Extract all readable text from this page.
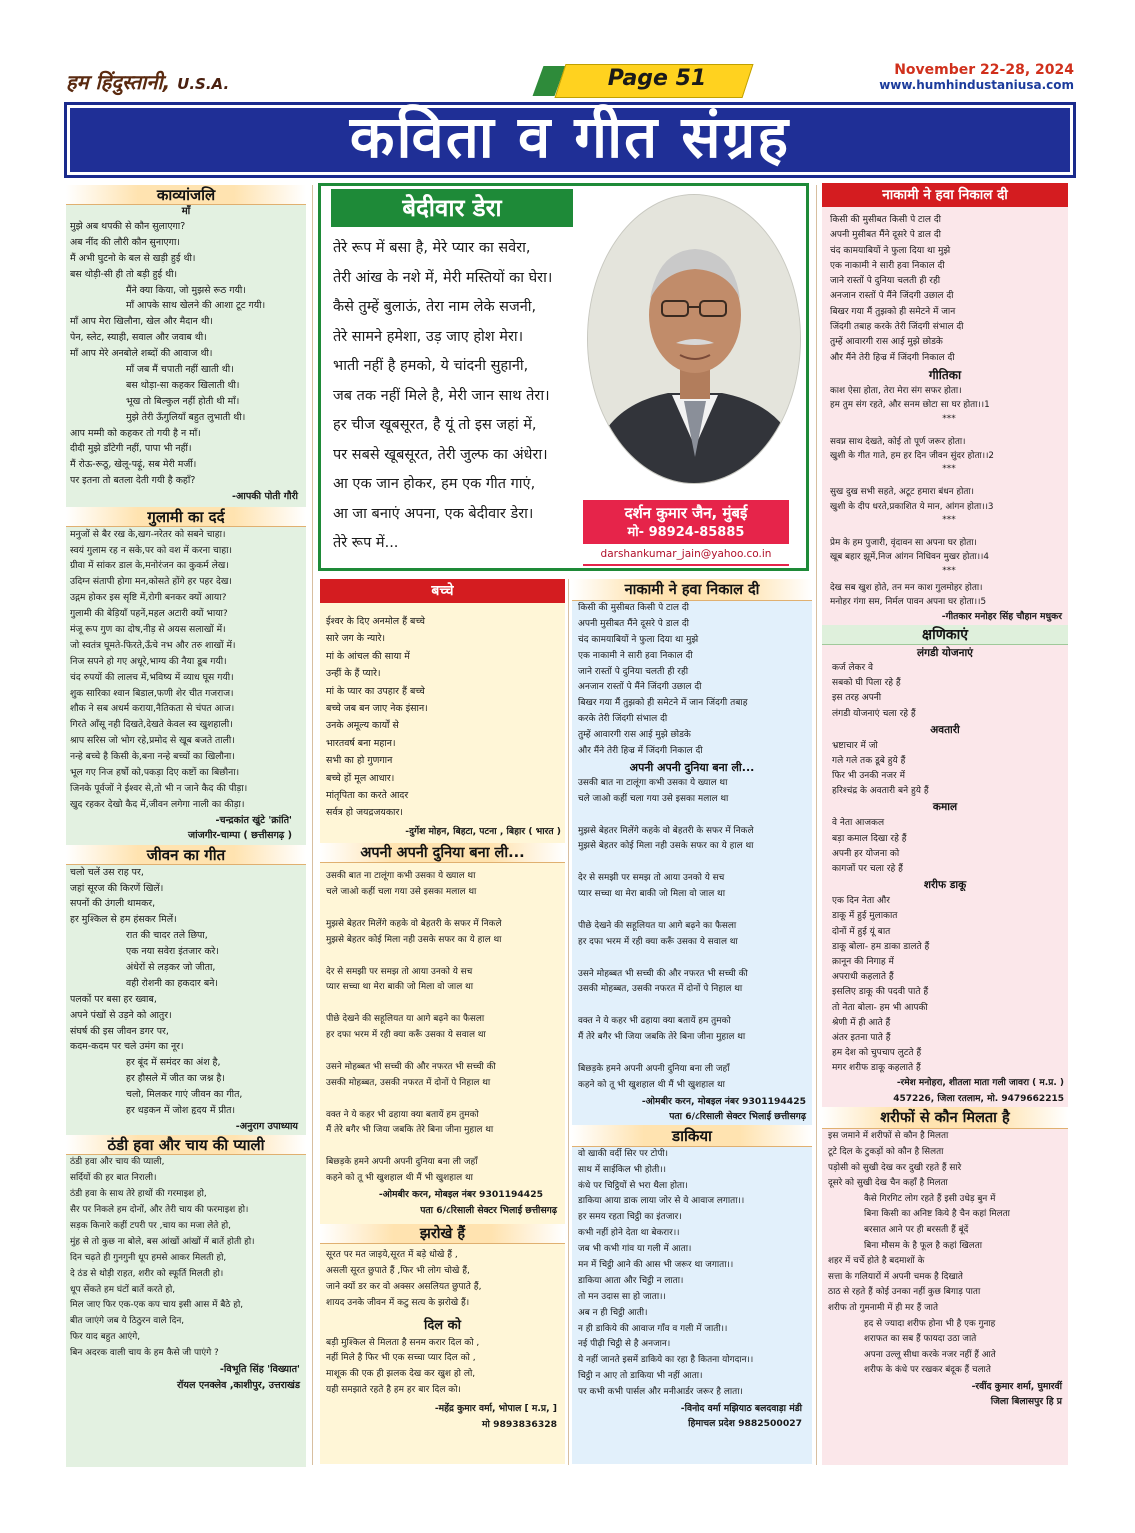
हम हिंदुस्तानी, U.S.A.	Page 51	November 22-28, 2024
www.humhindustaniusa.com
कविता व गीत संग्रह
काव्यांजलि
माँ
मुझे अब थपकी से कौन सुलाएगा?
अब नींद की लौरी कौन सुनाएगा।
मैं अभी घुटनो के बल से खड़ी हुई थी।
बस थोड़ी-सी ही तो बड़ी हुई थी।
मैंने क्या किया, जो मुझसे रूठ गयी।
माँ आपके साथ खेलने की आशा टूट गयी।
माँ आप मेरा खिलौना, खेल और मैदान थी।
पेन, स्लेट, स्याही, सवाल और जवाब थी।
माँ आप मेरे अनबोले शब्दों की आवाज थी।
माँ जब मैं चपाती नहीं खाती थी।
बस थोड़ा-सा कहकर खिलाती थी।
भूख तो बिल्कुल नहीं होती थी माँ।
मुझे तेरी ऊँगुलियाँ बहुत लुभाती थी।
आप मम्मी को कहकर तो गयी है न माँ।
दीदी मुझे डाँटेगी नहीं, पापा भी नहीं।
मैं रोऊ-रूठू, खेलू-पढ़ूं, सब मेरी मर्जी।
पर इतना तो बतला देती गयी है कहाँ?
-आपकी पोती गौरी
गुलामी का दर्द
मनुजों से बैर रख के,खग-नरेतर को सबने चाहा।
स्वयं गुलाम रह न सके,पर को वश में करना चाहा।
ग्रीवा में सांकर डाल के,मनोरंजन का कुकर्म लेख।
उदिग्न संतापी होगा मन,कोसते होंगे हर पहर देख।
उद्गम होकर इस सृष्टि में,रोगी बनकर क्यों आया?
गुलामी की बेड़ियाँ पहनें,महल अटारी क्यों भाया?
मंजू रूप गुण का दोष,नीड़ से अयस सलाखों में।
जो स्वतंत्र घूमते-फिरते,ऊँचे नभ और तरु शाखों में।
निज सपने हो गए अधूरे,भाग्य की नैया डूब गयी।
चंद रुपयों की लालच में,भविष्य में व्याध घूस गयी।
शुक सारिका श्वान बिडाल,फणी शेर चीत गजराज।
शौक ने सब अधर्म कराया,नैतिकता से चंपत आज।
गिरते आँसू नही दिखते,देखते केवल स्व खुशहाली।
श्राप सरिस जो भोग रहे,प्रमोद से खूब बजते ताली।
नन्हे बच्चे है किसी के,बना नन्हे बच्चों का खिलौना।
भूल गए निज हर्षो को,पकड़ा दिए कष्टों का बिछौना।
जिनके पूर्वजों ने ईश्वर से,तो भी न जाने कैद की पीड़ा।
खुद रहकर देखो कैद में,जीवन लगेगा नाली का कीड़ा।
-चन्द्रकांत खुंटे 'क्रांति'
जांजगीर-चाम्पा ( छत्तीसगढ़ )
जीवन का गीत
चलो चलें उस राह पर,
जहां सूरज की किरणें खिलें।
सपनों की उंगली थामकर,
हर मुश्किल से हम हंसकर मिलें।
रात की चादर तले छिपा,
एक नया सवेरा इंतजार करे।
अंधेरों से लड़कर जो जीता,
वही रोशनी का हकदार बने।
पलकों पर बसा हर ख्वाब,
अपने पंखों से उड़ने को आतुर।
संघर्ष की इस जीवन डगर पर,
कदम-कदम पर चले उमंग का नूर।
हर बूंद में समंदर का अंश है,
हर हौसले में जीत का जश्न है।
चलो, मिलकर गाएं जीवन का गीत,
हर धड़कन में जोश हृदय में प्रीत।
-अनुराग उपाध्याय
ठंडी हवा और चाय की प्याली
ठंडी हवा और चाय की प्याली,
सर्दियों की हर बात निराली।
ठंडी हवा के साथ तेरे हाथों की गरमाइश हो,
सैर पर निकले हम दोनों, और तेरी चाय की फरमाइश हो।
सड़क किनारे कहीं टपरी पर ,चाय का मजा लेते हो,
मुंह से तो कुछ ना बोले, बस आंखों आंखों में बातें होती हो।
दिन चढ़ते ही गुनगुनी धूप हमसे आकर मिलती हो,
दे ठंड से थोड़ी राहत, शरीर को स्फूर्ति मिलती हो।
धूप सेंकते हम घंटों बातें करते हो,
मिल जाए फिर एक-एक कप चाय इसी आस में बैठे हो,
बीत जाएंगे जब ये ठिठुरन वाले दिन,
फिर याद बहुत आएंगे,
बिन अदरक वाली चाय के हम कैसे जी पाएंगे ?
-विभूति सिंह 'विख्यात'
रॉयल एनक्लेव ,काशीपुर, उत्तराखंड
बेदीवार डेरा
तेरे रूप में बसा है, मेरे प्यार का सवेरा,
तेरी आंख के नशे में, मेरी मस्तियों का घेरा।
कैसे तुम्हें बुलाऊं, तेरा नाम लेके सजनी,
तेरे सामने हमेशा, उड़ जाए होश मेरा।
भाती नहीं है हमको, ये चांदनी सुहानी,
जब तक नहीं मिले है, मेरी जान साथ तेरा।
हर चीज खूबसूरत, है यूं तो इस जहां में,
पर सबसे खूबसूरत, तेरी जुल्फ का अंधेरा।
आ एक जान होकर, हम एक गीत गाएं,
आ जा बनाएं अपना, एक बेदीवार डेरा।
तेरे रूप में...
दर्शन कुमार जैन, मुंबई
मो- 98924-85885
darshankumar_jain@yahoo.co.in
बच्चे
ईश्वर के दिए अनमोल हैं बच्चे
सारे जग के न्यारे।
मां के आंचल की साया में
उन्हीं के हैं प्यारे।
मां के प्यार का उपहार हैं बच्चे
बच्चे जब बन जाए नेक इंसान।
उनके अमूल्य कार्यों से
भारतवर्ष बना महान।
सभी का हो गुणगान
बच्चे हों मूल आधार।
मांतृपिता का करते आदर
सर्वत्र हो जयद्रजयकार।
-दुर्गेश मोहन, बिहटा, पटना , बिहार ( भारत )
अपनी अपनी दुनिया बना ली...
उसकी बात ना टालूंगा कभी उसका ये ख्याल था
चले जाओ कहीं चला गया उसे इसका मलाल था
मुझसे बेहतर मिलेंगे कहके वो बेहतरी के सफर में निकले
मुझसे बेहतर कोई मिला नही उसके सफर का ये हाल था
देर से समझी पर समझ तो आया उनको ये सच
प्यार सच्चा था मेरा बाकी जो मिला वो जाल था
पीछे देखने की सहूलियत या आगे बढ़ने का फैसला
हर दफा भरम में रही क्या करूँ उसका ये सवाल था
उसने मोहब्बत भी सच्ची की और नफरत भी सच्ची की
उसकी मोहब्बत, उसकी नफरत में दोनों पे निहाल था
वक्त ने ये कहर भी ढहाया क्या बतायें हम तुमको
मैं तेरे बगैर भी जिया जबकि तेरे बिना जीना मुहाल था
बिछड़के हमने अपनी अपनी दुनिया बना ली जहाँ
कहने को तू भी खुशहाल थी मैं भी खुशहाल था
-ओमबीर करन, मोबइल नंबर 9301194425
पता 6/८रिसाली सेक्टर भिलाई छत्तीसगढ़
झरोखे हैं
सूरत पर मत जाइये,सूरत में बड़े धोखे हैं ,
असली सूरत छुपाते हैं ,फिर भी लोग चोखे हैं,
जाने क्यों डर कर वो अक्सर असलियत छुपाते हैं,
शायद उनके जीवन में कटु सत्य के झरोखे हैं।
दिल को
बड़ी मुश्किल से मिलता है सनम करार दिल को ,
नहीं मिले है फिर भी एक सच्चा प्यार दिल को ,
माशूक की एक ही झलक देख कर खुश हो लो,
यही समझाते रहते है हम हर बार दिल को।
-महेंद्र कुमार वर्मा, भोपाल [ म.प्र, ]
मो 9893836328
नाकामी ने हवा निकाल दी
किसी की मुसीबत किसी पे टाल दी
अपनी मुसीबत मैंने दूसरे पे डाल दी
चंद कामयाबियों ने फुला दिया था मुझे
एक नाकामी ने सारी हवा निकाल दी
जाने रास्तों पे दुनिया चलती ही रही
अनजान रास्तों पे मैंने जिंदगी उछाल दी
बिखर गया मैं तुझको ही समेटने में जान जिंदगी तबाह
करके तेरी जिंदगी संभाल दी
तुम्हें आवारगी रास आई मुझे छोडके
और मैंने तेरी हिज्र में जिंदगी निकाल दी
अपनी अपनी दुनिया बना ली...
उसकी बात ना टालूंगा कभी उसका ये ख्याल था
चले जाओ कहीं चला गया उसे इसका मलाल था
मुझसे बेहतर मिलेंगे कहके वो बेहतरी के सफर में निकले
मुझसे बेहतर कोई मिला नही उसके सफर का ये हाल था
देर से समझी पर समझ तो आया उनको ये सच
प्यार सच्चा था मेरा बाकी जो मिला वो जाल था
पीछे देखने की सहूलियत या आगे बढ़ने का फैसला
हर दफा भरम में रही क्या करूँ उसका ये सवाल था
उसने मोहब्बत भी सच्ची की और नफरत भी सच्ची की
उसकी मोहब्बत, उसकी नफरत में दोनों पे निहाल था
वक्त ने ये कहर भी ढहाया क्या बतायें हम तुमको
मैं तेरे बगैर भी जिया जबकि तेरे बिना जीना मुहाल था
बिछड़के हमने अपनी अपनी दुनिया बना ली जहाँ
कहने को तू भी खुशहाल थी मैं भी खुशहाल था
-ओमबीर करन, मोबइल नंबर 9301194425
पता 6/८रिसाली सेक्टर भिलाई छत्तीसगढ़
डाकिया
वो खाकी वर्दी सिर पर टोपी।
साथ में साईकिल भी होती।।
कंधे पर चिट्ठियों से भरा थैला होता।
डाकिया आया डाक लाया जोर से ये आवाज लगाता।।
हर समय रहता चिट्ठी का इंतजार।
कभी नहीं होने देता था बेकरार।।
जब भी कभी गांव या गली में आता।
मन में चिट्ठी आने की आस भी जरूर था जगाता।।
डाकिया आता और चिट्ठी न लाता।
तो मन उदास सा हो जाता।।
अब न ही चिट्ठी आती।
न ही डाकिये की आवाज गाँव व गली में जाती।।
नई पीढ़ी चिट्ठी से है अनजान।
ये नहीं जानते इसमें डाकिये का रहा है कितना योगदान।।
चिट्ठी न आए तो डाकिया भी नहीं आता।
पर कभी कभी पार्सल और मनीआर्डर जरूर है लाता।
-विनोद वर्मा मझियाठ बलदवाड़ा मंडी
हिमाचल प्रदेश 9882500027
नाकामी ने हवा निकाल दी
किसी की मुसीबत किसी पे टाल दी
अपनी मुसीबत मैंने दूसरे पे डाल दी
चंद कामयाबियों ने फुला दिया था मुझे
एक नाकामी ने सारी हवा निकाल दी
जाने रास्तों पे दुनिया चलती ही रही
अनजान रास्तों पे मैंने जिंदगी उछाल दी
बिखर गया मैं तुझको ही समेटने में जान
जिंदगी तबाह करके तेरी जिंदगी संभाल दी
तुम्हें आवारगी रास आई मुझे छोडके
और मैंने तेरी हिज्र में जिंदगी निकाल दी
गीतिका
काश ऐसा होता, तेरा मेरा संग सफर होता।
हम तुम संग रहते, और सनम छोटा सा घर होता।।1
***
सवप्न साथ देखते, कोई तो पूर्ण जरूर होता।
खुशी के गीत गाते, हम हर दिन जीवन सुंदर होता।।2
***
सुख दुख सभी सहते, अटूट हमारा बंधन होता।
खुशी के दीप धरते,प्रकाशित ये मान, आंगन होता।।3
***
प्रेम के हम पुजारी, वृंदावन सा अपना घर होता।
खूब बहार झूमें,निज आंगन निधिवन मुखर होता।।4
***
देख सब खुश होते, तन मन काश गुलमोहर होता।
मनोहर गंगा सम, निर्मल पावन अपना घर होता।।5
-गीतकार मनोहर सिंह चौहान मधुकर
क्षणिकाएं
लंगडी योजनाएं
कर्ज लेकर वे
सबको घी पिला रहे हैं
इस तरह अपनी
लंगडी योजनाएं चला रहे हैं
अवतारी
भ्रष्टाचार में जो
गले गले तक डूबे हुये हैं
फिर भी उनकी नजर में
हरिश्चंद्र के अवतारी बने हुये हैं
कमाल
वे नेता आजकल
बड़ा कमाल दिखा रहे हैं
अपनी हर योजना को
कागजों पर चला रहे हैं
शरीफ डाकू
एक दिन नेता और
डाकू में हुई मुलाकात
दोनों में हुई यूं बात
डाकू बोला- हम डाका डालते हैं
क़ानून की निगाह में
अपराधी कहलाते हैं
इसलिए डाकू की पदवी पाते हैं
तो नेता बोला- हम भी आपकी
श्रेणी में ही आते हैं
अंतर इतना पाते हैं
हम देश को चुपचाप लुटते हैं
मगर शरीफ डाकू कहलाते हैं
-रमेश मनोहरा, शीतला माता गली जावरा ( म.प्र. )
457226, जिला रतलाम, मो. 9479662215
शरीफों से कौन मिलता है
इस जमाने में शरीफों से कौन है मिलता
टूटे दिल के टुकड़ों को कौन है सिलता
पड़ोसी को सुखी देख कर दुखी रहते हैं सारे
दूसरे को सुखी देख चैन कहाँ है मिलता
कैसे गिरगिट लोग रहते हैं इसी उधेड़ बुन में
बिना किसी का अनिष्ट किये है चैन कहां मिलता
बरसात आने पर ही बरसती हैं बूंदें
बिना मौसम के है फूल है कहां खिलता
शहर में चर्चे होते है बदमाशों के
सत्ता के गलियारों में अपनी चमक है दिखाते
ठाठ से रहते हैं कोई उनका नहीं कुछ बिगाड़ पाता
शरीफ तो गुमनामी में ही मर हैं जाते
हद से ज्यादा शरीफ होना भी है एक गुनाह
शराफत का सब हैं फायदा उठा जाते
अपना उल्लू सीधा करके नजर नहीं हैं आते
शरीफ के कंधे पर रखकर बंदूक हैं चलाते
-रवींद कुमार शर्मा, घुमारवीं
जिला बिलासपुर हि प्र
